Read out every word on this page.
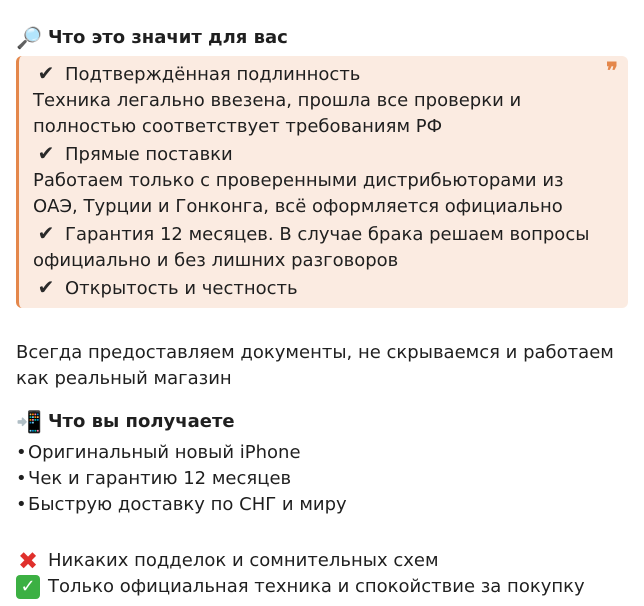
🔎 Что это значит для вас
❞
✔ Подтверждённая подлинность
Техника легально ввезена, прошла все проверки и
полностью соответствует требованиям РФ
✔ Прямые поставки
Работаем только с проверенными дистрибьюторами из
ОАЭ, Турции и Гонконга, всё оформляется официально
✔ Гарантия 12 месяцев. В случае брака решаем вопросы
официально и без лишних разговоров
✔ Открытость и честность
Всегда предоставляем документы, не скрываемся и работаем
как реальный магазин
📲 Что вы получаете
•Оригинальный новый iPhone
•Чек и гарантию 12 месяцев
•Быструю доставку по СНГ и миру
✖ Никаких подделок и сомнительных схем
✓ Только официальная техника и спокойствие за покупку
